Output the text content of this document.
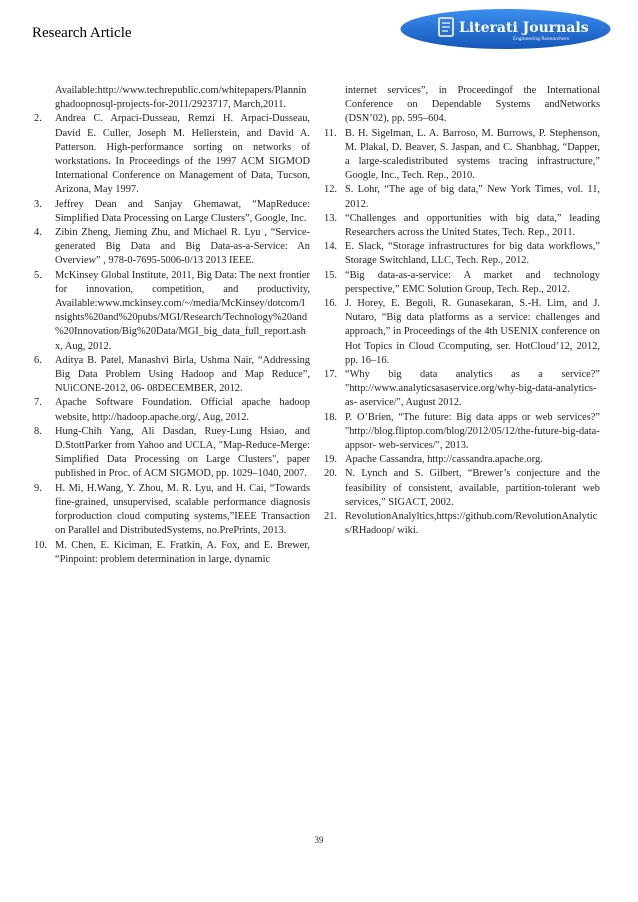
Research Article	Literati Journals
Engineering Researchers
Available:http://www.techrepublic.com/whitepapers/Planninghadoopnosql-projects-for-2011/2923717, March,2011.
2.	Andrea C. Arpaci-Dusseau, Remzi H. Arpaci-Dusseau, David E. Culler, Joseph M. Hellerstein, and David A. Patterson. High-performance sorting on networks of workstations. In Proceedings of the 1997 ACM SIGMOD International Conference on Management of Data, Tucson, Arizona, May 1997.
3.	Jeffrey Dean and Sanjay Ghemawat, “MapReduce: Simplified Data Processing on Large Clusters”, Google, Inc.
4.	Zibin Zheng, Jieming Zhu, and Michael R. Lyu , “Service-generated Big Data and Big Data-as-a-Service: An Overview” , 978-0-7695-5006-0/13 2013 IEEE.
5.	McKinsey Global Institute, 2011, Big Data: The next frontier for innovation, competition, and productivity, Available:www.mckinsey.com/~/media/McKinsey/dotcom/Insights%20and%20pubs/MGI/Research/Technology%20and%20Innovation/Big%20Data/MGI_big_data_full_report.ashx, Aug, 2012.
6.	Aditya B. Patel, Manashvi Birla, Ushma Nair, “Addressing Big Data Problem Using Hadoop and Map Reduce”, NUiCONE-2012, 06- 08DECEMBER, 2012.
7.	Apache Software Foundation. Official apache hadoop website, http://hadoop.apache.org/, Aug, 2012.
8.	Hung-Chih Yang, Ali Dasdan, Ruey-Lung Hsiao, and D.StottParker from Yahoo and UCLA, "Map-Reduce-Merge: Simplified Data Processing on Large Clusters", paper published in Proc. of ACM SIGMOD, pp. 1029–1040, 2007.
9.	H. Mi, H.Wang, Y. Zhou, M. R. Lyu, and H. Cai, “Towards fine-grained, unsupervised, scalable performance diagnosis forproduction cloud computing systems,”IEEE Transaction on Parallel and DistributedSystems, no.PrePrints, 2013.
10. M. Chen, E. Kiciman, E. Fratkin, A. Fox, and E. Brewer, “Pinpoint: problem determination in large, dynamic
internet services”, in Proceedingof the International Conference on Dependable Systems andNetworks (DSN’02), pp. 595–604.
11. B. H. Sigelman, L. A. Barroso, M. Burrows, P. Stephenson, M. Plakal, D. Beaver, S. Jaspan, and C. Shanbhag, “Dapper, a large-scaledistributed systems tracing infrastructure,” Google, Inc., Tech. Rep., 2010.
12. S. Lohr, “The age of big data,” New York Times, vol. 11, 2012.
13. “Challenges and opportunities with big data,” leading Researchers across the United States, Tech. Rep., 2011.
14. E. Slack, “Storage infrastructures for big data workflows,” Storage Switchland, LLC, Tech. Rep., 2012.
15. “Big data-as-a-service: A market and technology perspective,” EMC Solution Group, Tech. Rep., 2012.
16. J. Horey, E. Begoli, R. Gunasekaran, S.-H. Lim, and J. Nutaro, “Big data platforms as a service: challenges and approach,” in Proceedings of the 4th USENIX conference on Hot Topics in Cloud Ccomputing, ser. HotCloud’12, 2012, pp. 16–16.
17. “Why big data analytics as a service?” "http://www.analyticsasaservice.org/why-big-data-analytics-as- aservice/", August 2012.
18. P. O’Brien, “The future: Big data apps or web services?” "http://blog.fliptop.com/blog/2012/05/12/the-future-big-data-appsor- web-services/", 2013.
19. Apache Cassandra, http://cassandra.apache.org.
20. N. Lynch and S. Gilbert, “Brewer’s conjecture and the feasibility of consistent, available, partition-tolerant web services,” SIGACT, 2002.
21. RevolutionAnalyltics,https://github.com/RevolutionAnalytics/RHadoop/ wiki.
39
